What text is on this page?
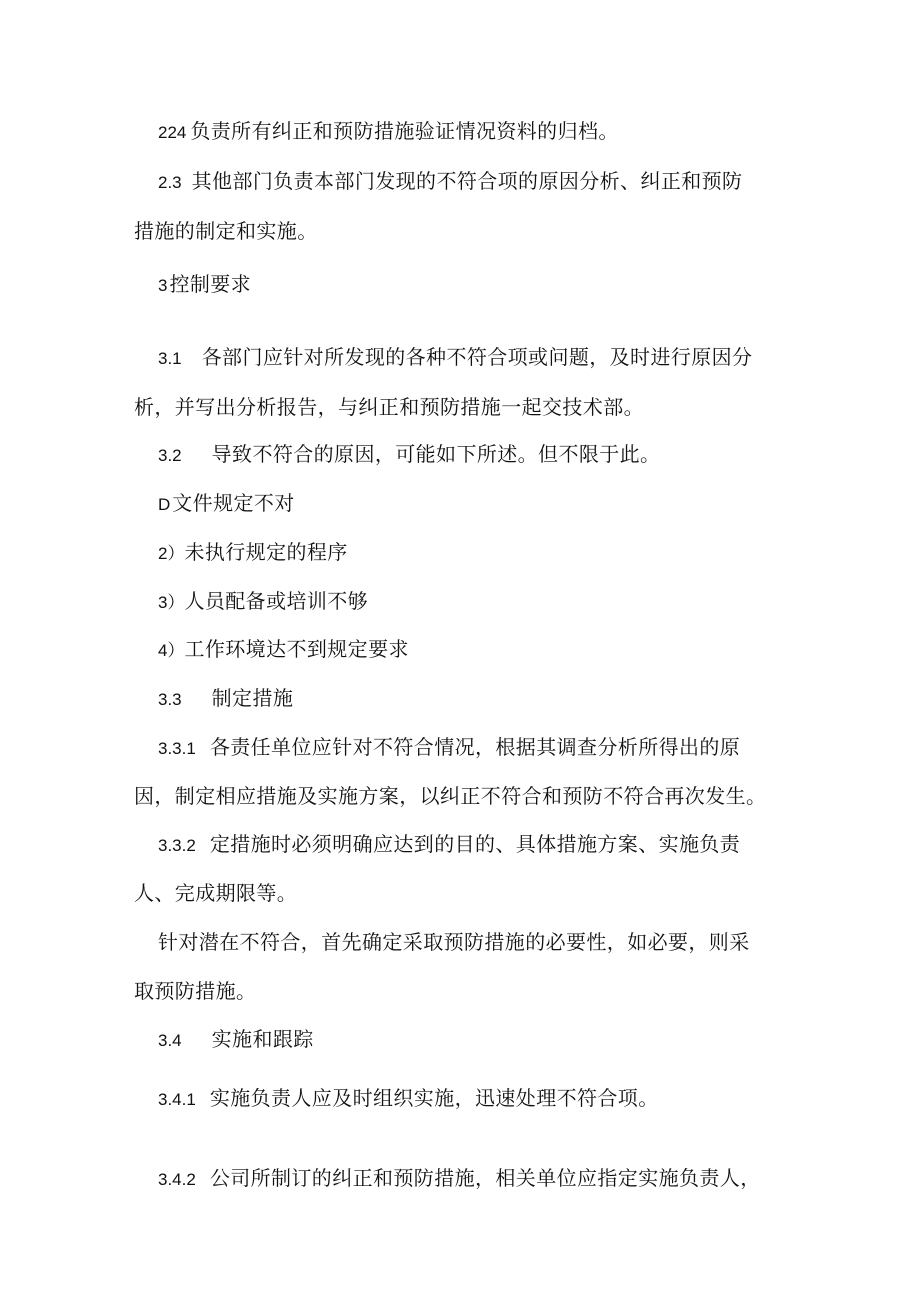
224 负责所有纠正和预防措施验证情况资料的归档。
2.3 其他部门负责本部门发现的不符合项的原因分析、纠正和预防
措施的制定和实施。
3 控制要求
3.1 各部门应针对所发现的各种不符合项或问题，及时进行原因分
析，并写出分析报告，与纠正和预防措施一起交技术部。
3.2 导致不符合的原因，可能如下所述。但不限于此。
D 文件规定不对
2）未执行规定的程序
3）人员配备或培训不够
4）工作环境达不到规定要求
3.3 制定措施
3.3.1 各责任单位应针对不符合情况，根据其调查分析所得出的原
因，制定相应措施及实施方案，以纠正不符合和预防不符合再次发生。
3.3.2 定措施时必须明确应达到的目的、具体措施方案、实施负责
人、完成期限等。
针对潜在不符合，首先确定采取预防措施的必要性，如必要，则采
取预防措施。
3.4 实施和跟踪
3.4.1 实施负责人应及时组织实施，迅速处理不符合项。
3.4.2 公司所制订的纠正和预防措施，相关单位应指定实施负责人，
